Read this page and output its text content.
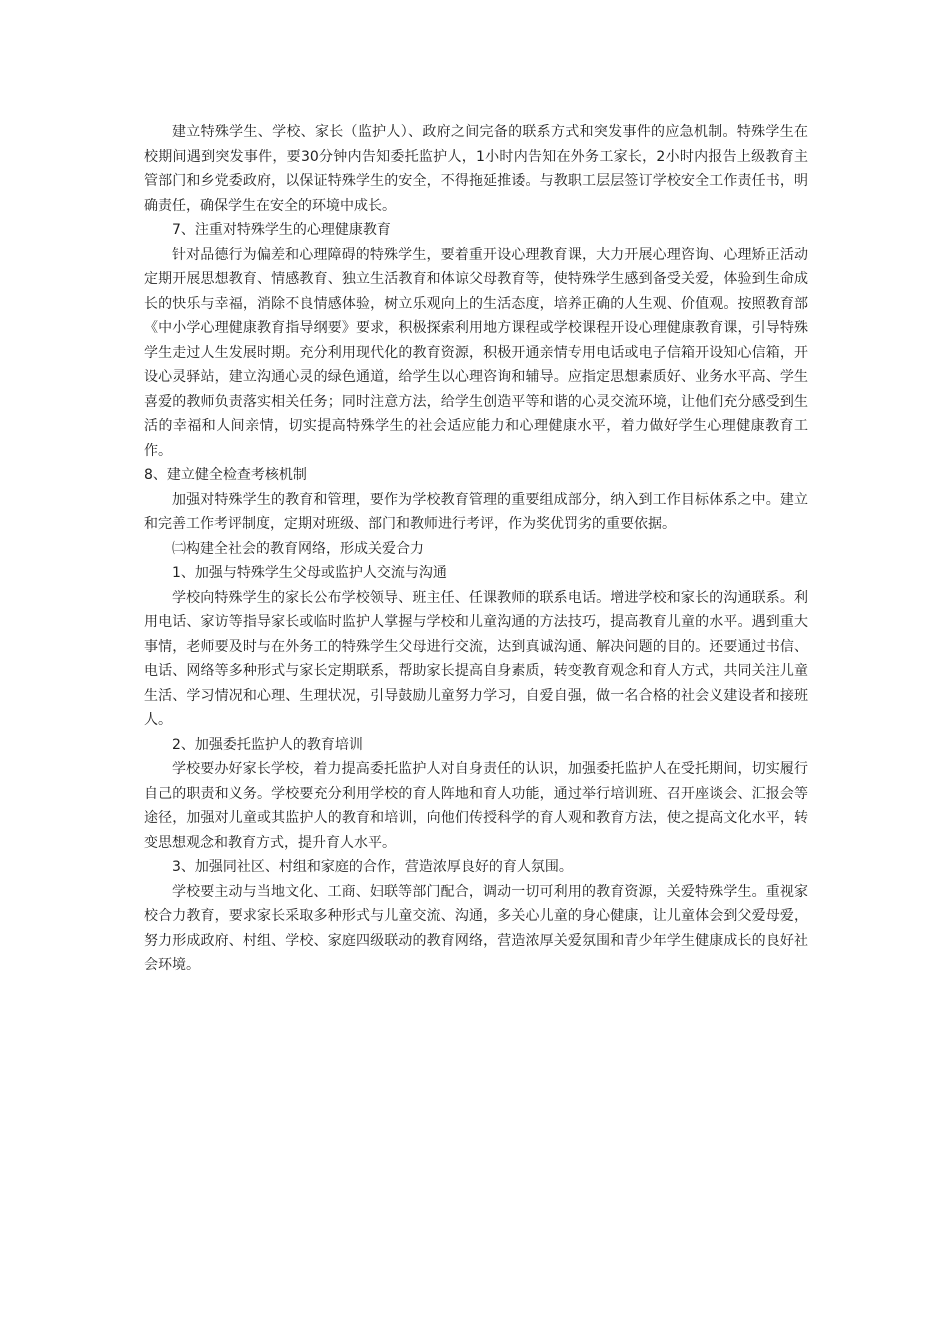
建立特殊学生、学校、家长（监护人）、政府之间完备的联系方式和突发事件的应急机制。特殊学生在校期间遇到突发事件，要30分钟内告知委托监护人，1小时内告知在外务工家长，2小时内报告上级教育主管部门和乡党委政府，以保证特殊学生的安全，不得拖延推诿。与教职工层层签订学校安全工作责任书，明确责任，确保学生在安全的环境中成长。

7、注重对特殊学生的心理健康教育

针对品德行为偏差和心理障碍的特殊学生，要着重开设心理教育课，大力开展心理咨询、心理矫正活动定期开展思想教育、情感教育、独立生活教育和体谅父母教育等，使特殊学生感到备受关爱，体验到生命成长的快乐与幸福，消除不良情感体验，树立乐观向上的生活态度，培养正确的人生观、价值观。按照教育部《中小学心理健康教育指导纲要》要求，积极探索利用地方课程或学校课程开设心理健康教育课，引导特殊学生走过人生发展时期。充分利用现代化的教育资源，积极开通亲情专用电话或电子信箱开设知心信箱，开设心灵驿站，建立沟通心灵的绿色通道，给学生以心理咨询和辅导。应指定思想素质好、业务水平高、学生喜爱的教师负责落实相关任务；同时注意方法，给学生创造平等和谐的心灵交流环境，让他们充分感受到生活的幸福和人间亲情，切实提高特殊学生的社会适应能力和心理健康水平，着力做好学生心理健康教育工作。

8、建立健全检查考核机制

加强对特殊学生的教育和管理，要作为学校教育管理的重要组成部分，纳入到工作目标体系之中。建立和完善工作考评制度，定期对班级、部门和教师进行考评，作为奖优罚劣的重要依据。

㈡构建全社会的教育网络，形成关爱合力

1、加强与特殊学生父母或监护人交流与沟通

学校向特殊学生的家长公布学校领导、班主任、任课教师的联系电话。增进学校和家长的沟通联系。利用电话、家访等指导家长或临时监护人掌握与学校和儿童沟通的方法技巧，提高教育儿童的水平。遇到重大事情，老师要及时与在外务工的特殊学生父母进行交流，达到真诚沟通、解决问题的目的。还要通过书信、电话、网络等多种形式与家长定期联系，帮助家长提高自身素质，转变教育观念和育人方式，共同关注儿童生活、学习情况和心理、生理状况，引导鼓励儿童努力学习，自爱自强，做一名合格的社会义建设者和接班人。

2、加强委托监护人的教育培训

学校要办好家长学校，着力提高委托监护人对自身责任的认识，加强委托监护人在受托期间，切实履行自己的职责和义务。学校要充分利用学校的育人阵地和育人功能，通过举行培训班、召开座谈会、汇报会等途径，加强对儿童或其监护人的教育和培训，向他们传授科学的育人观和教育方法，使之提高文化水平，转变思想观念和教育方式，提升育人水平。

3、加强同社区、村组和家庭的合作，营造浓厚良好的育人氛围。

学校要主动与当地文化、工商、妇联等部门配合，调动一切可利用的教育资源，关爱特殊学生。重视家校合力教育，要求家长采取多种形式与儿童交流、沟通，多关心儿童的身心健康，让儿童体会到父爱母爱，努力形成政府、村组、学校、家庭四级联动的教育网络，营造浓厚关爱氛围和青少年学生健康成长的良好社会环境。
